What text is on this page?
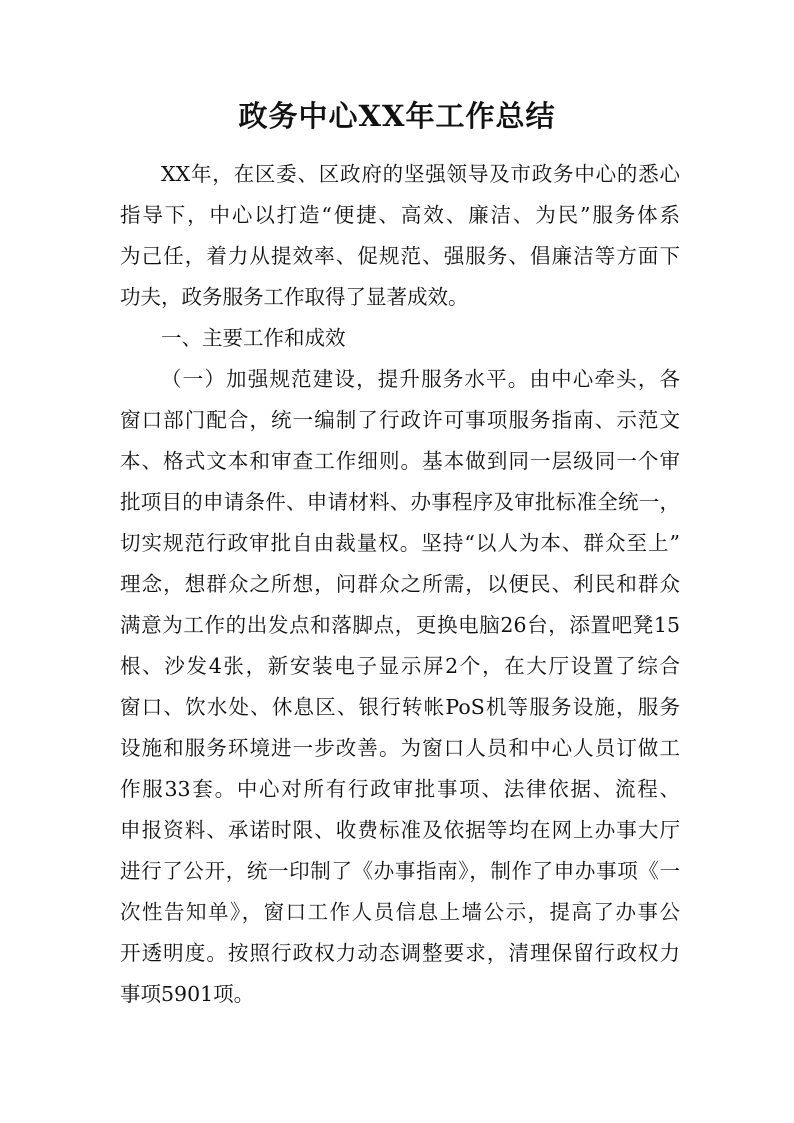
政务中心XX年工作总结

XX年，在区委、区政府的坚强领导及市政务中心的悉心

指导下，中心以打造“便捷、高效、廉洁、为民”服务体系

为己任，着力从提效率、促规范、强服务、倡廉洁等方面下

功夫，政务服务工作取得了显著成效。

一、主要工作和成效

（一）加强规范建设，提升服务水平。由中心牵头，各

窗口部门配合，统一编制了行政许可事项服务指南、示范文

本、格式文本和审查工作细则。基本做到同一层级同一个审

批项目的申请条件、申请材料、办事程序及审批标准全统一，

切实规范行政审批自由裁量权。坚持“以人为本、群众至上”

理念，想群众之所想，问群众之所需，以便民、利民和群众

满意为工作的出发点和落脚点，更换电脑26台，添置吧凳15

根、沙发4张，新安装电子显示屏2个，在大厅设置了综合

窗口、饮水处、休息区、银行转帐PoS机等服务设施，服务

设施和服务环境进一步改善。为窗口人员和中心人员订做工

作服33套。中心对所有行政审批事项、法律依据、流程、

申报资料、承诺时限、收费标准及依据等均在网上办事大厅

进行了公开，统一印制了《办事指南》，制作了申办事项《一

次性告知单》，窗口工作人员信息上墙公示，提高了办事公

开透明度。按照行政权力动态调整要求，清理保留行政权力

事项5901项。
